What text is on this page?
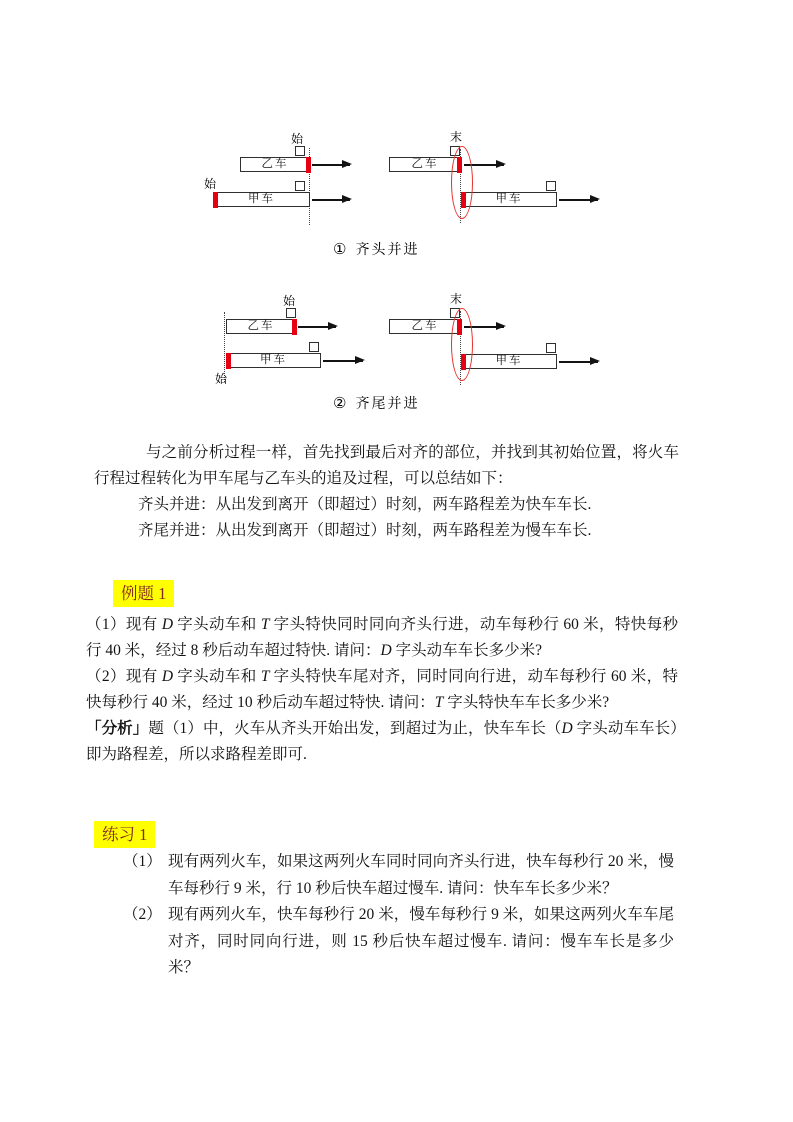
始
乙车
始
甲车
末
乙车
甲车
① 齐头并进
始
乙车
甲车
始
末
乙车
甲车
② 齐尾并进

与之前分析过程一样，首先找到最后对齐的部位，并找到其初始位置，将火车行程过程转化为甲车尾与乙车头的追及过程，可以总结如下：

齐头并进：从出发到离开（即超过）时刻，两车路程差为快车车长.
齐尾并进：从出发到离开（即超过）时刻，两车路程差为慢车车长.
例题 1

（1）现有 D 字头动车和 T 字头特快同时同向齐头行进，动车每秒行 60 米，特快每秒行 40 米，经过 8 秒后动车超过特快. 请问：D 字头动车车长多少米?

（2）现有 D 字头动车和 T 字头特快车尾对齐，同时同向行进，动车每秒行 60 米，特快每秒行 40 米，经过 10 秒后动车超过特快. 请问：T 字头特快车车长多少米?

「分析」题（1）中，火车从齐头开始出发，到超过为止，快车车长（D 字头动车车长）即为路程差，所以求路程差即可.

练习 1
（1） 现有两列火车，如果这两列火车同时同向齐头行进，快车每秒行 20 米，慢车每秒行 9 米，行 10 秒后快车超过慢车. 请问：快车车长多少米？
（2） 现有两列火车，快车每秒行 20 米，慢车每秒行 9 米，如果这两列火车车尾对齐，同时同向行进，则 15 秒后快车超过慢车. 请问：慢车车长是多少米？
